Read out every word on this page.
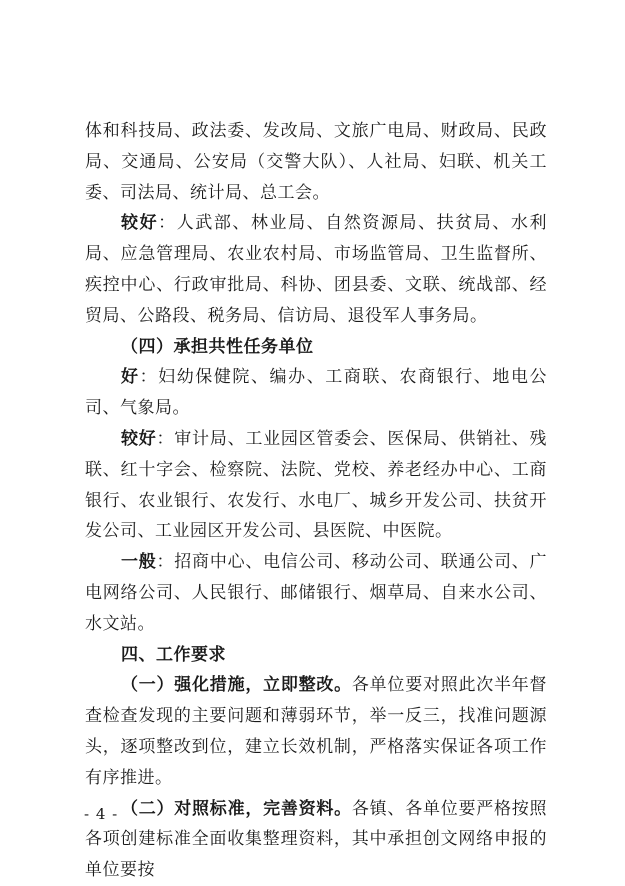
体和科技局、政法委、发改局、文旅广电局、财政局、民政局、交通局、公安局（交警大队）、人社局、妇联、机关工委、司法局、统计局、总工会。

较好：人武部、林业局、自然资源局、扶贫局、水利局、应急管理局、农业农村局、市场监管局、卫生监督所、疾控中心、行政审批局、科协、团县委、文联、统战部、经贸局、公路段、税务局、信访局、退役军人事务局。

（四）承担共性任务单位

好：妇幼保健院、编办、工商联、农商银行、地电公司、气象局。

较好：审计局、工业园区管委会、医保局、供销社、残联、红十字会、检察院、法院、党校、养老经办中心、工商银行、农业银行、农发行、水电厂、城乡开发公司、扶贫开发公司、工业园区开发公司、县医院、中医院。

一般：招商中心、电信公司、移动公司、联通公司、广电网络公司、人民银行、邮储银行、烟草局、自来水公司、水文站。

四、工作要求

（一）强化措施，立即整改。各单位要对照此次半年督查检查发现的主要问题和薄弱环节，举一反三，找准问题源头，逐项整改到位，建立长效机制，严格落实保证各项工作有序推进。

（二）对照标准，完善资料。各镇、各单位要严格按照各项创建标准全面收集整理资料，其中承担创文网络申报的单位要按

- 4 -
